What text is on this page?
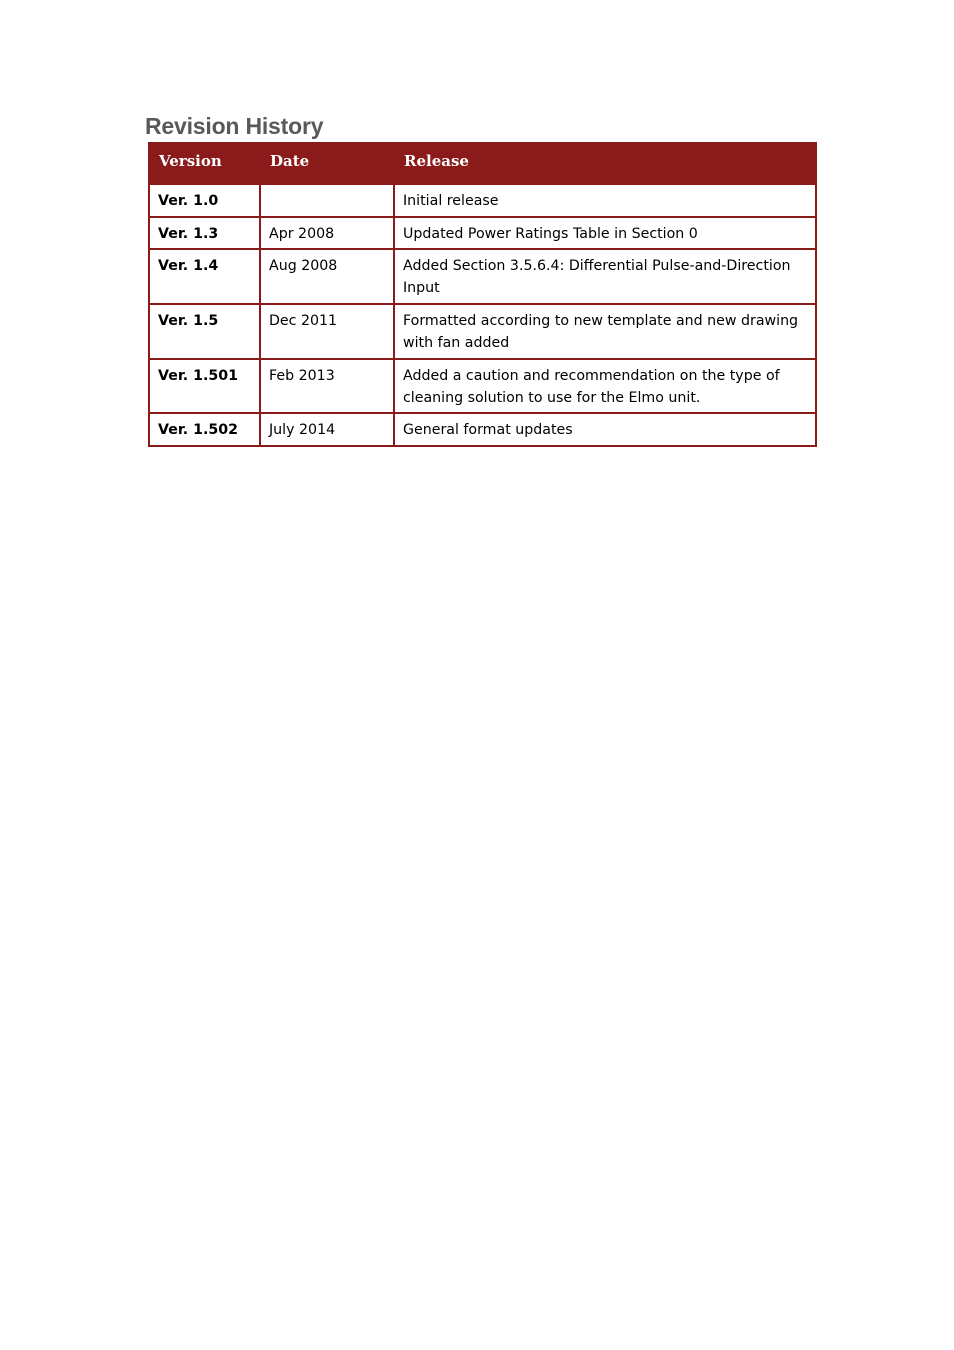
Revision History
Version	Date	Release
Ver. 1.0		Initial release
Ver. 1.3	Apr 2008	Updated Power Ratings Table in Section 0
Ver. 1.4	Aug 2008	Added Section 3.5.6.4: Differential Pulse-and-Direction Input
Ver. 1.5	Dec 2011	Formatted according to new template and new drawing with fan added
Ver. 1.501	Feb 2013	Added a caution and recommendation on the type of cleaning solution to use for the Elmo unit.
Ver. 1.502	July 2014	General format updates
